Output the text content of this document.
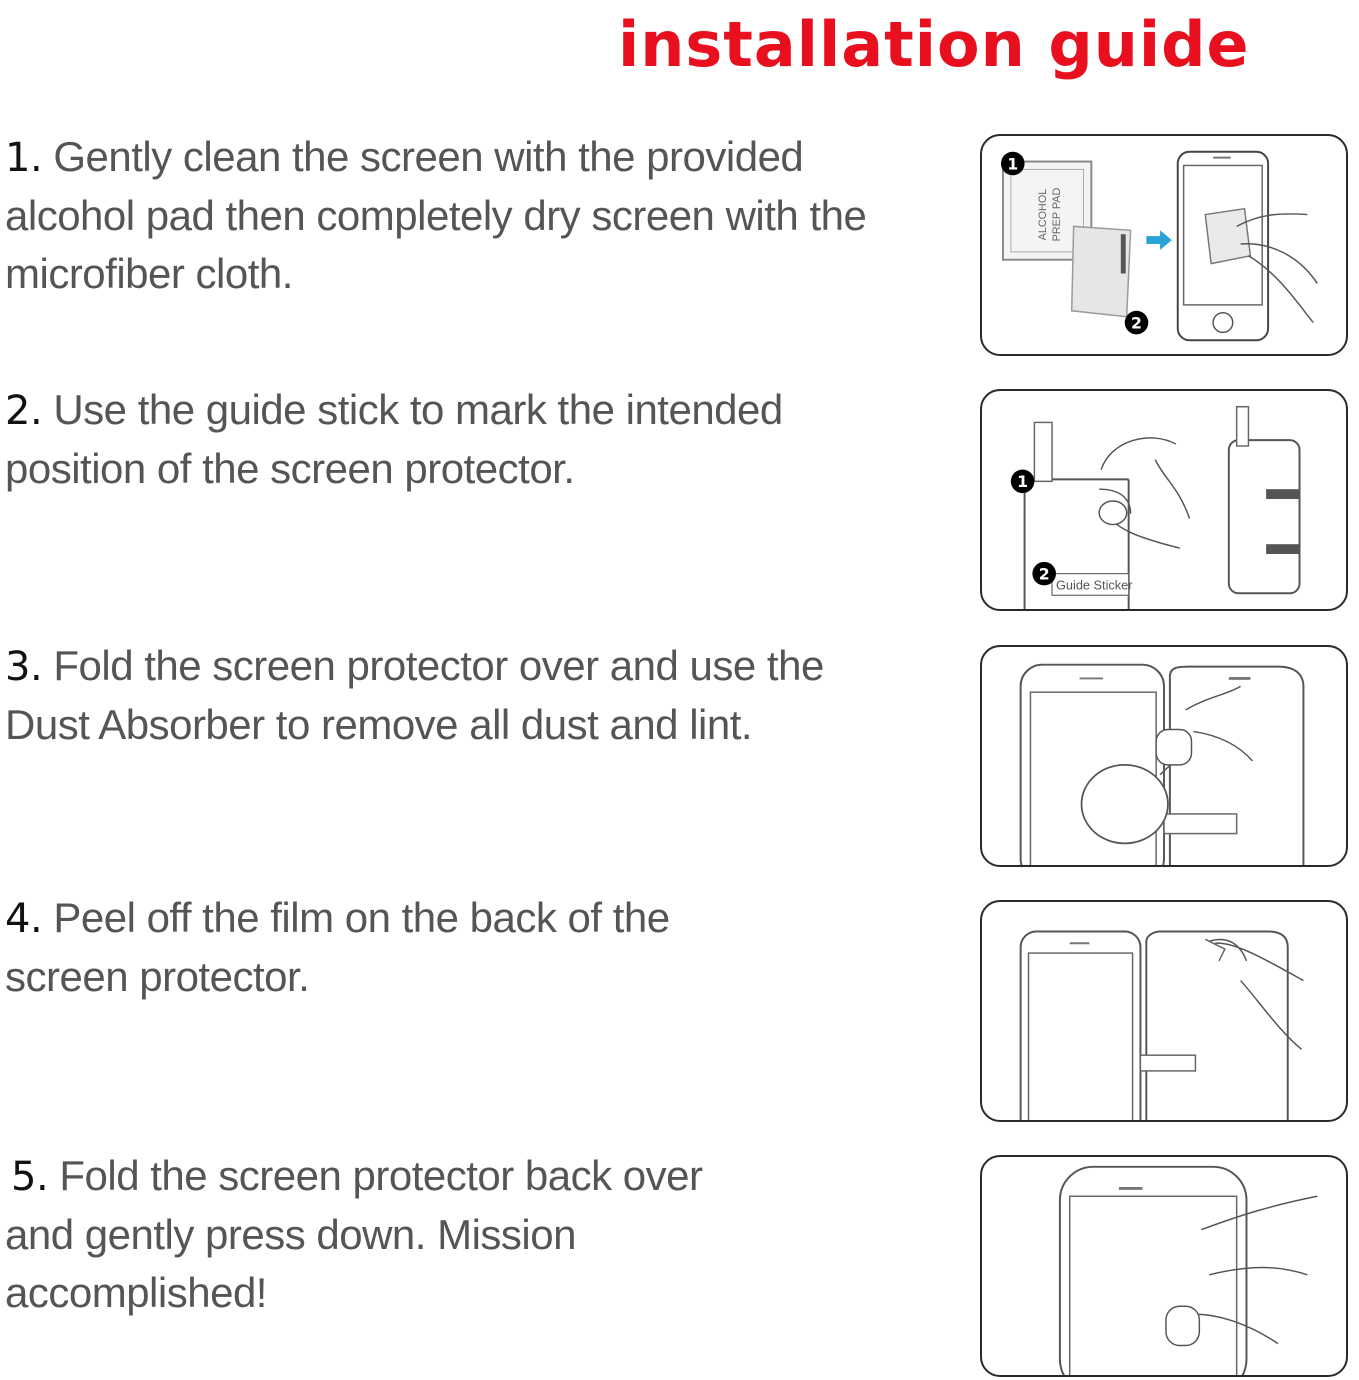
installation guide
1. Gently clean the screen with the provided alcohol pad then completely dry screen with the microfiber cloth.
2. Use the guide stick to mark the intended position of the screen protector.
3. Fold the screen protector over and use the Dust Absorber to remove all dust and lint.
4. Peel off the film on the back of the screen protector.
5. Fold the screen protector back over and gently press down. Mission accomplished!
ALCOHOL PREP PAD
1
2
Guide Sticker
1
2
